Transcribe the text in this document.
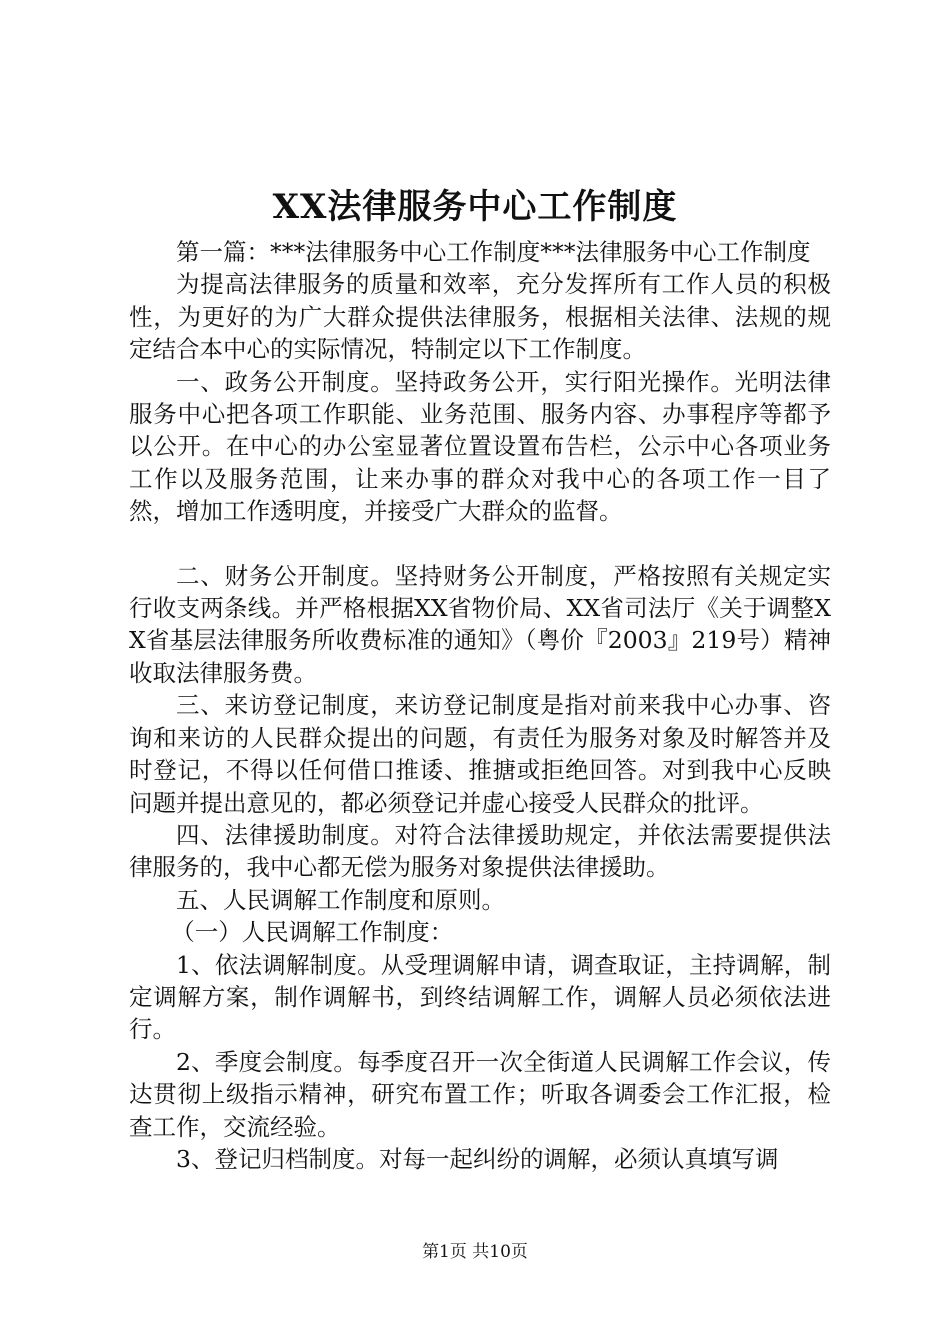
XX法律服务中心工作制度

第一篇：***法律服务中心工作制度***法律服务中心工作制度

为提高法律服务的质量和效率，充分发挥所有工作人员的积极性，为更好的为广大群众提供法律服务，根据相关法律、法规的规定结合本中心的实际情况，特制定以下工作制度。

一、政务公开制度。坚持政务公开，实行阳光操作。光明法律服务中心把各项工作职能、业务范围、服务内容、办事程序等都予以公开。在中心的办公室显著位置设置布告栏，公示中心各项业务工作以及服务范围，让来办事的群众对我中心的各项工作一目了然，增加工作透明度，并接受广大群众的监督。

二、财务公开制度。坚持财务公开制度，严格按照有关规定实行收支两条线。并严格根据XX省物价局、XX省司法厅《关于调整XX省基层法律服务所收费标准的通知》（粤价『2003』219号）精神收取法律服务费。

三、来访登记制度，来访登记制度是指对前来我中心办事、咨询和来访的人民群众提出的问题，有责任为服务对象及时解答并及时登记，不得以任何借口推诿、推搪或拒绝回答。对到我中心反映问题并提出意见的，都必须登记并虚心接受人民群众的批评。

四、法律援助制度。对符合法律援助规定，并依法需要提供法律服务的，我中心都无偿为服务对象提供法律援助。

五、人民调解工作制度和原则。

（一）人民调解工作制度：

1、依法调解制度。从受理调解申请，调查取证，主持调解，制定调解方案，制作调解书，到终结调解工作，调解人员必须依法进行。

2、季度会制度。每季度召开一次全街道人民调解工作会议，传达贯彻上级指示精神，研究布置工作；听取各调委会工作汇报，检查工作，交流经验。

3、登记归档制度。对每一起纠纷的调解，必须认真填写调

第1页 共10页
